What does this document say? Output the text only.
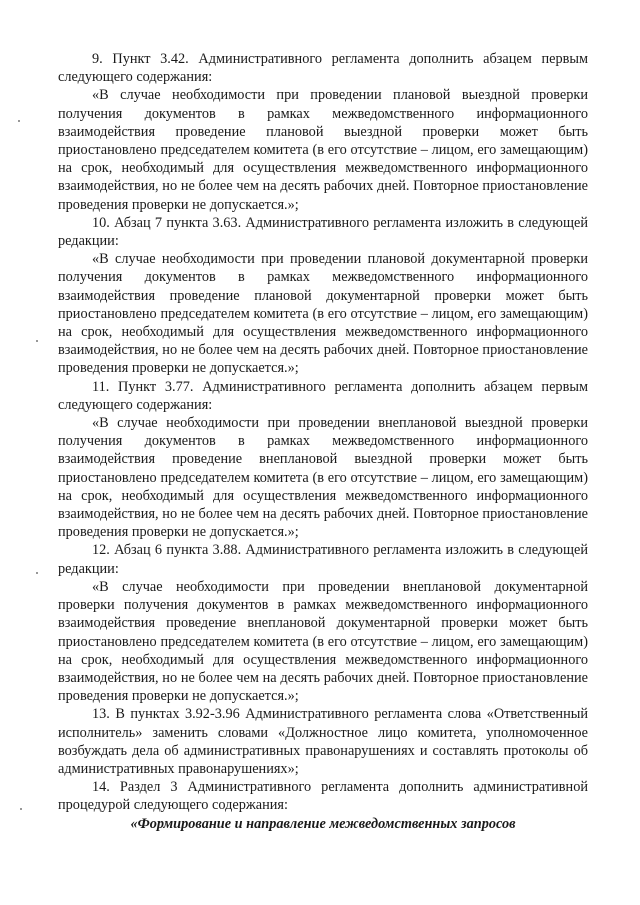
9. Пункт 3.42. Административного регламента дополнить абзацем первым следующего содержания:

«В случае необходимости при проведении плановой выездной проверки получения документов в рамках межведомственного информационного взаимодействия проведение плановой выездной проверки может быть приостановлено председателем комитета (в его отсутствие – лицом, его замещающим) на срок, необходимый для осуществления межведомственного информационного взаимодействия, но не более чем на десять рабочих дней. Повторное приостановление проведения проверки не допускается.»;

10. Абзац 7 пункта 3.63. Административного регламента изложить в следующей редакции:

«В случае необходимости при проведении плановой документарной проверки получения документов в рамках межведомственного информационного взаимодействия проведение плановой документарной проверки может быть приостановлено председателем комитета (в его отсутствие – лицом, его замещающим) на срок, необходимый для осуществления межведомственного информационного взаимодействия, но не более чем на десять рабочих дней. Повторное приостановление проведения проверки не допускается.»;

11. Пункт 3.77. Административного регламента дополнить абзацем первым следующего содержания:

«В случае необходимости при проведении внеплановой выездной проверки получения документов в рамках межведомственного информационного взаимодействия проведение внеплановой выездной проверки может быть приостановлено председателем комитета (в его отсутствие – лицом, его замещающим) на срок, необходимый для осуществления межведомственного информационного взаимодействия, но не более чем на десять рабочих дней. Повторное приостановление проведения проверки не допускается.»;

12. Абзац 6 пункта 3.88. Административного регламента изложить в следующей редакции:

«В случае необходимости при проведении внеплановой документарной проверки получения документов в рамках межведомственного информационного взаимодействия проведение внеплановой документарной проверки может быть приостановлено председателем комитета (в его отсутствие – лицом, его замещающим) на срок, необходимый для осуществления межведомственного информационного взаимодействия, но не более чем на десять рабочих дней. Повторное приостановление проведения проверки не допускается.»;

13. В пунктах 3.92-3.96 Административного регламента слова «Ответственный исполнитель» заменить словами «Должностное лицо комитета, уполномоченное возбуждать дела об административных правонарушениях и составлять протоколы об административных правонарушениях»;

14. Раздел 3 Административного регламента дополнить административной процедурой следующего содержания:

«Формирование и направление межведомственных запросов
